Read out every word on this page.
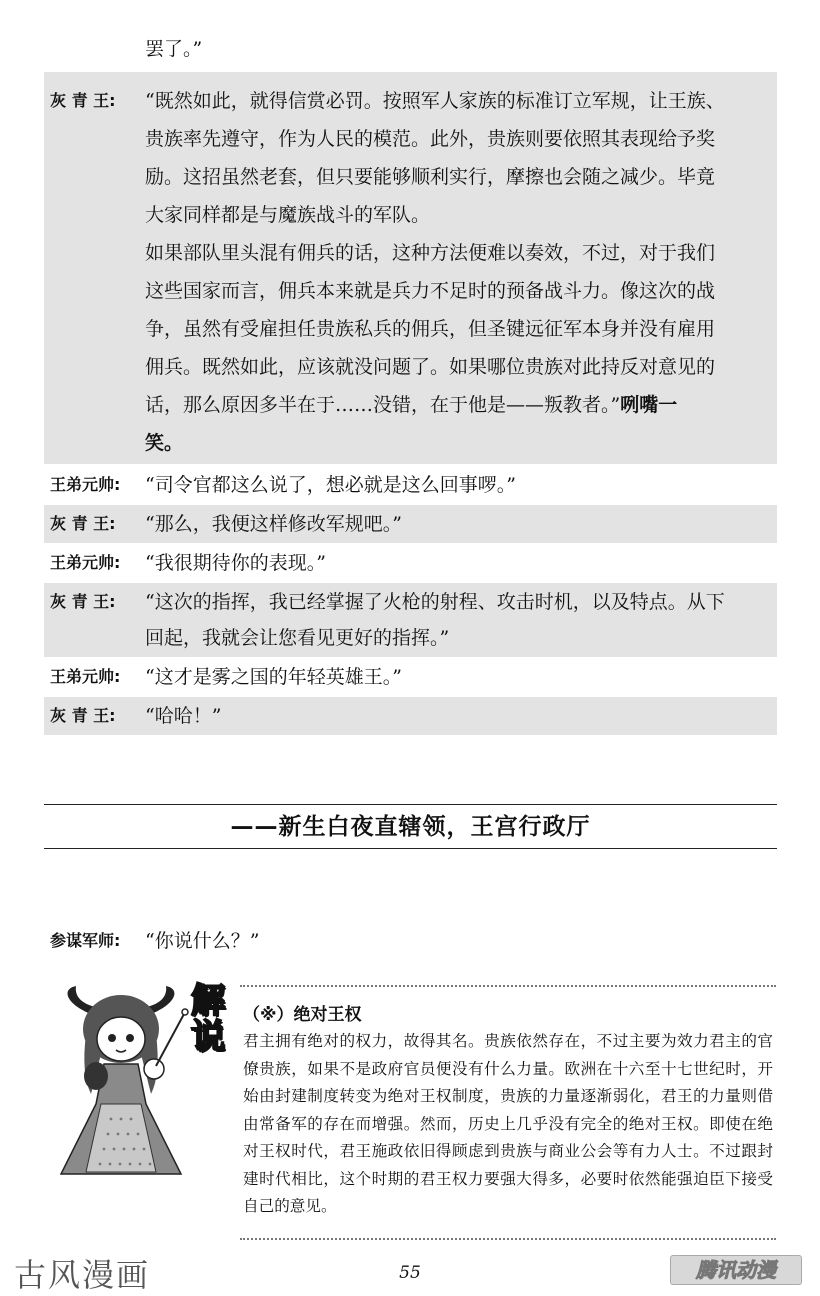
罢了。”
灰 青 王: “既然如此，就得信赏必罚。按照军人家族的标准订立军规，让王族、

贵族率先遵守，作为人民的模范。此外，贵族则要依照其表现给予奖

励。这招虽然老套，但只要能够顺利实行，摩擦也会随之减少。毕竟

大家同样都是与魔族战斗的军队。

如果部队里头混有佣兵的话，这种方法便难以奏效，不过，对于我们

这些国家而言，佣兵本来就是兵力不足时的预备战斗力。像这次的战

争，虽然有受雇担任贵族私兵的佣兵，但圣键远征军本身并没有雇用

佣兵。既然如此，应该就没问题了。如果哪位贵族对此持反对意见的

话，那么原因多半在于……没错，在于他是——叛教者。”咧嘴一

笑。

王弟元帅: “司令官都这么说了，想必就是这么回事啰。”
灰 青 王: “那么，我便这样修改军规吧。”
王弟元帅: “我很期待你的表现。”
灰 青 王: “这次的指挥，我已经掌握了火枪的射程、攻击时机，以及特点。从下

回起，我就会让您看见更好的指挥。”

王弟元帅: “这才是雾之国的年轻英雄王。”
灰 青 王: “哈哈！”
——新生白夜直辖领，王宫行政厅
参谋军师: “你说什么？”
解
说
（※）绝对王权
君主拥有绝对的权力，故得其名。贵族依然存在，不过主要为效力君主的官僚贵族，如果不是政府官员便没有什么力量。欧洲在十六至十七世纪时，开始由封建制度转变为绝对王权制度，贵族的力量逐渐弱化，君王的力量则借由常备军的存在而增强。然而，历史上几乎没有完全的绝对王权。即使在绝对王权时代，君王施政依旧得顾虑到贵族与商业公会等有力人士。不过跟封建时代相比，这个时期的君王权力要强大得多，必要时依然能强迫臣下接受自己的意见。
古风漫画	55	腾讯动漫
